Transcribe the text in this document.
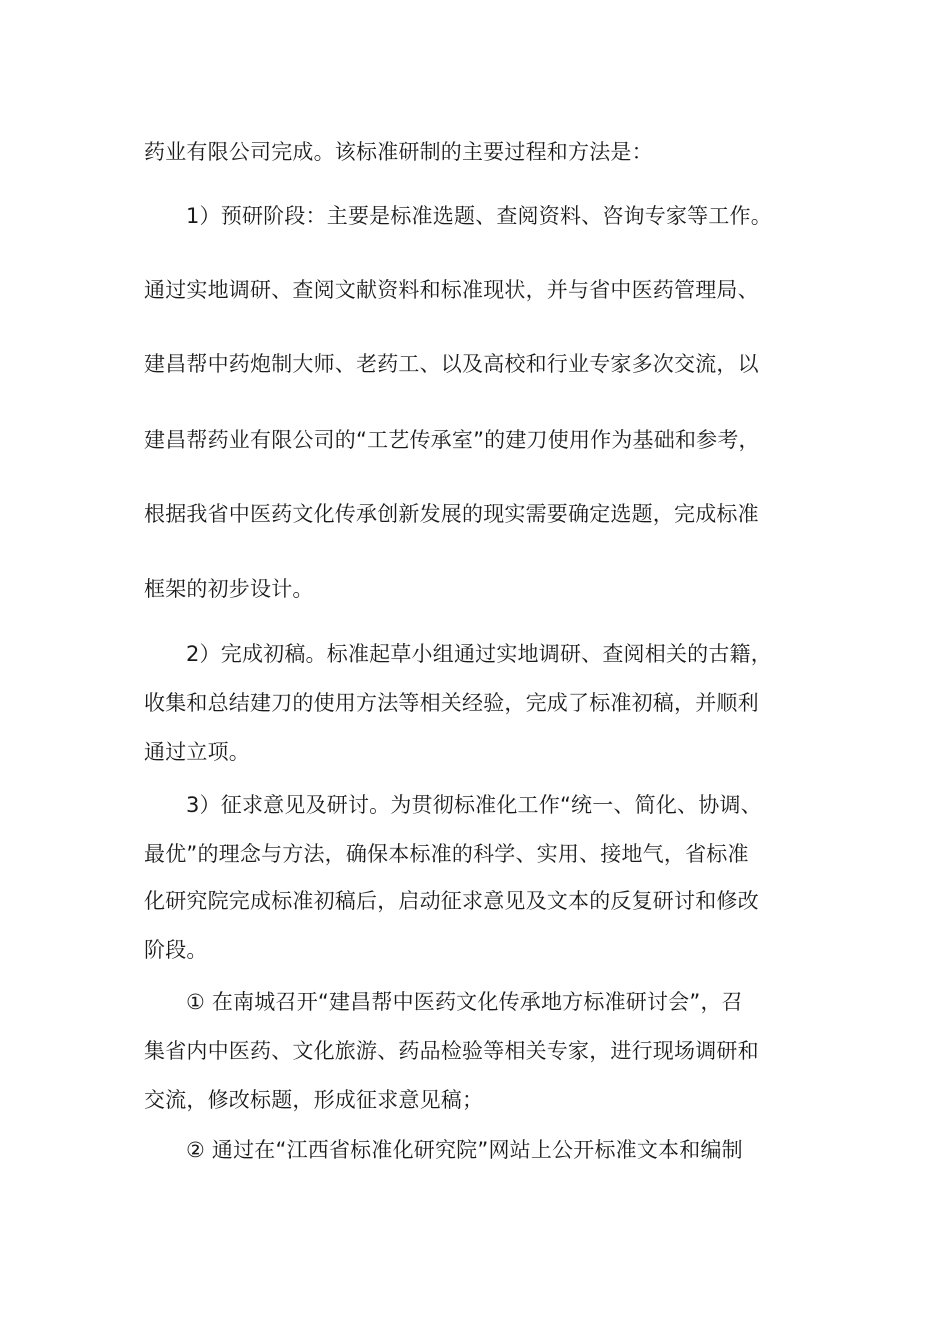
药业有限公司完成。该标准研制的主要过程和方法是：
1）预研阶段：主要是标准选题、查阅资料、咨询专家等工作。
通过实地调研、查阅文献资料和标准现状，并与省中医药管理局、
建昌帮中药炮制大师、老药工、以及高校和行业专家多次交流，以
建昌帮药业有限公司的“工艺传承室”的建刀使用作为基础和参考，
根据我省中医药文化传承创新发展的现实需要确定选题，完成标准
框架的初步设计。
2）完成初稿。标准起草小组通过实地调研、查阅相关的古籍，
收集和总结建刀的使用方法等相关经验，完成了标准初稿，并顺利
通过立项。
3）征求意见及研讨。为贯彻标准化工作“统一、简化、协调、
最优”的理念与方法，确保本标准的科学、实用、接地气，省标准
化研究院完成标准初稿后，启动征求意见及文本的反复研讨和修改
阶段。
① 在南城召开“建昌帮中医药文化传承地方标准研讨会”，召
集省内中医药、文化旅游、药品检验等相关专家，进行现场调研和
交流，修改标题，形成征求意见稿；
② 通过在“江西省标准化研究院”网站上公开标准文本和编制
